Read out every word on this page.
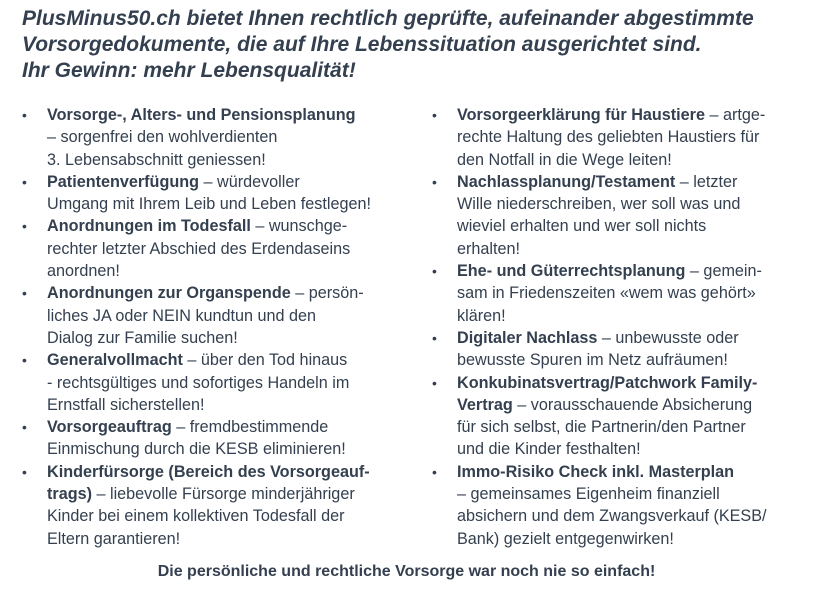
PlusMinus50.ch bietet Ihnen rechtlich geprüfte, aufeinander abgestimmte
Vorsorgedokumente, die auf Ihre Lebenssituation ausgerichtet sind.
Ihr Gewinn: mehr Lebensqualität!
• Vorsorge-, Alters- und Pensionsplanung
– sorgenfrei den wohlverdienten
3. Lebensabschnitt geniessen!
• Patientenverfügung – würdevoller
Umgang mit Ihrem Leib und Leben festlegen!
• Anordnungen im Todesfall – wunschge-
rechter letzter Abschied des Erdendaseins
anordnen!
• Anordnungen zur Organspende – persön-
liches JA oder NEIN kundtun und den
Dialog zur Familie suchen!
• Generalvollmacht – über den Tod hinaus
- rechtsgültiges und sofortiges Handeln im
Ernstfall sicherstellen!
• Vorsorgeauftrag – fremdbestimmende
Einmischung durch die KESB eliminieren!
• Kinderfürsorge (Bereich des Vorsorgeauf-
trags) – liebevolle Fürsorge minderjähriger
Kinder bei einem kollektiven Todesfall der
Eltern garantieren!
• Vorsorgeerklärung für Haustiere – artge-
rechte Haltung des geliebten Haustiers für
den Notfall in die Wege leiten!
• Nachlassplanung/Testament – letzter
Wille niederschreiben, wer soll was und
wieviel erhalten und wer soll nichts
erhalten!
• Ehe- und Güterrechtsplanung – gemein-
sam in Friedenszeiten «wem was gehört»
klären!
• Digitaler Nachlass – unbewusste oder
bewusste Spuren im Netz aufräumen!
• Konkubinatsvertrag/Patchwork Family-
Vertrag – vorausschauende Absicherung
für sich selbst, die Partnerin/den Partner
und die Kinder festhalten!
• Immo-Risiko Check inkl. Masterplan
– gemeinsames Eigenheim finanziell
absichern und dem Zwangsverkauf (KESB/
Bank) gezielt entgegenwirken!
Die persönliche und rechtliche Vorsorge war noch nie so einfach!
